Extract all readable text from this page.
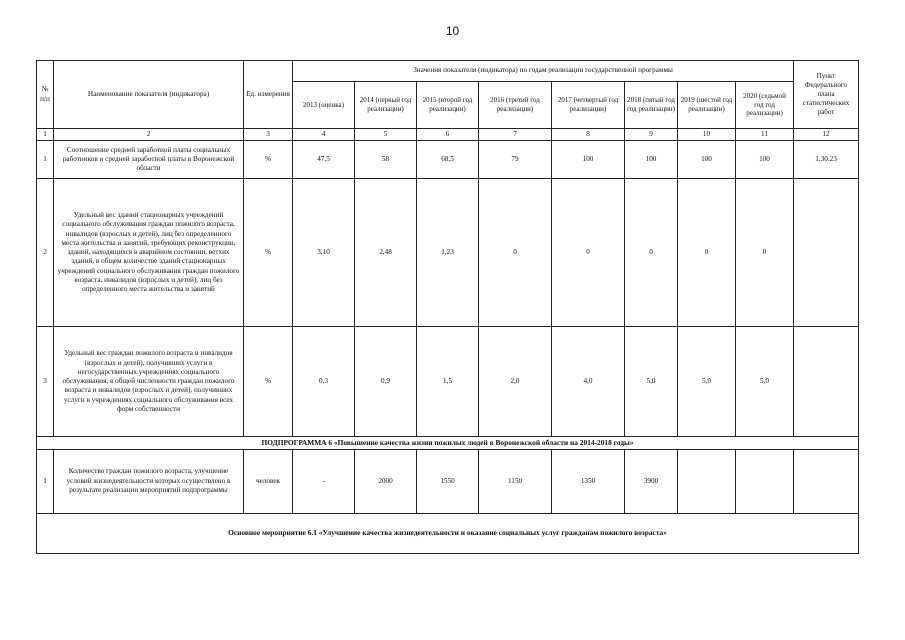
10
№ п/п	Наименование показателя (индикатора)	Ед. измерения	Значения показателя (индикатора) по годам реализации государственной программы								Пункт Федерального плана статистических работ
			2013 (оценка)	2014 (первый год реализации)	2015 (второй год реализации)	2016 (третий год реализации)	2017 (четвертый год реализации)	2018 (пятый год год реализации)	2019 (шестой год реализации)	2020 (седьмой год год реализации)	
1	2	3	4	5	6	7	8	9	10	11	12
1	Соотношение средней заработной платы социальных работников и средней заработной платы в Воронежской области	%	47,5	58	68,5	79	100	100	100	100	1.30.23
2	Удельный вес зданий стационарных учреждений социального обслуживания граждан пожилого возраста, инвалидов (взрослых и детей), лиц без определенного места жительства и занятий, требующих реконструкции, зданий, находящихся в аварийном состоянии, ветхих зданий, в общем количестве зданий стационарных учреждений социального обслуживания граждан пожилого возраста, инвалидов (взрослых и детей), лиц без определенного места жительства и занятий	%	3,10	2,48	1,23	0	0	0	0	0	
3	Удельный вес граждан пожилого возраста и инвалидов (взрослых и детей), получивших услуги в негосударственных учреждениях социального обслуживания, в общей численности граждан пожилого возраста и инвалидов (взрослых и детей), получивших услуги в учреждениях социального обслуживания всех форм собственности	%	0,3	0,9	1,5	2,0	4,0	5,0	5,0	5,0	
ПОДПРОГРАММА 6 «Повышение качества жизни пожилых людей в Воронежской области на 2014-2018 годы»											
1	Количество граждан пожилого возраста, улучшение условий жизнедеятельности которых осуществлено в результате реализации мероприятий подпрограммы	человек	-	2000	1550	1150	1350	3900			
Основное мероприятие 6.1 «Улучшение качества жизнедеятельности и оказание социальных услуг гражданам пожилого возраста»											
